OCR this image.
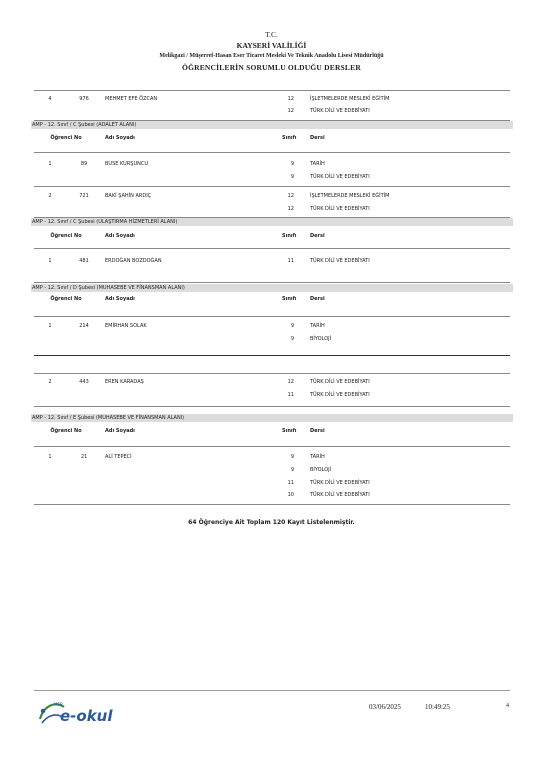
T.C.
KAYSERİ VALİLİĞİ
Melikgazi / Müşerref-Hasan Eser Ticaret Mesleki Ve Teknik Anadolu Lisesi Müdürlüğü
ÖĞRENCİLERİN SORUMLU OLDUĞU DERSLER
4	976	MEHMET EFE ÖZCAN	12	İŞLETMELERDE MESLEKİ EĞİTİM
12	TÜRK DİLİ VE EDEBİYATI
AMP - 12. Sınıf / C Şubesi (ADALET ALANI)
Öğrenci No	Adı Soyadı	Sınıfı	Dersi
1	89	BUSE KURŞUNCU	9	TARİH
9	TÜRK DİLİ VE EDEBİYATI
2	721	BAKİ ŞAHİN ARDIÇ	12	İŞLETMELERDE MESLEKİ EĞİTİM
12	TÜRK DİLİ VE EDEBİYATI
AMP - 12. Sınıf / C Şubesi (ULAŞTIRMA HİZMETLERİ ALANI)
Öğrenci No	Adı Soyadı	Sınıfı	Dersi
1	481	ERDOĞAN BOZDOĞAN	11	TÜRK DİLİ VE EDEBİYATI
AMP - 12. Sınıf / D Şubesi (MUHASEBE VE FİNANSMAN ALANI)
Öğrenci No	Adı Soyadı	Sınıfı	Dersi
1	214	EMİRHAN SOLAK	9	TARİH
9	BİYOLOJİ
2	443	EREN KARADAŞ	12	TÜRK DİLİ VE EDEBİYATI
11	TÜRK DİLİ VE EDEBİYATI
AMP - 12. Sınıf / E Şubesi (MUHASEBE VE FİNANSMAN ALANI)
Öğrenci No	Adı Soyadı	Sınıfı	Dersi
1	21	ALİ TEPECİ	9	TARİH
9	BİYOLOJİ
11	TÜRK DİLİ VE EDEBİYATI
10	TÜRK DİLİ VE EDEBİYATI
64 Öğrenciye Ait Toplam 120 Kayıt Listelenmiştir.
MEB
e-okul	03/06/2025	10:49:25	4
